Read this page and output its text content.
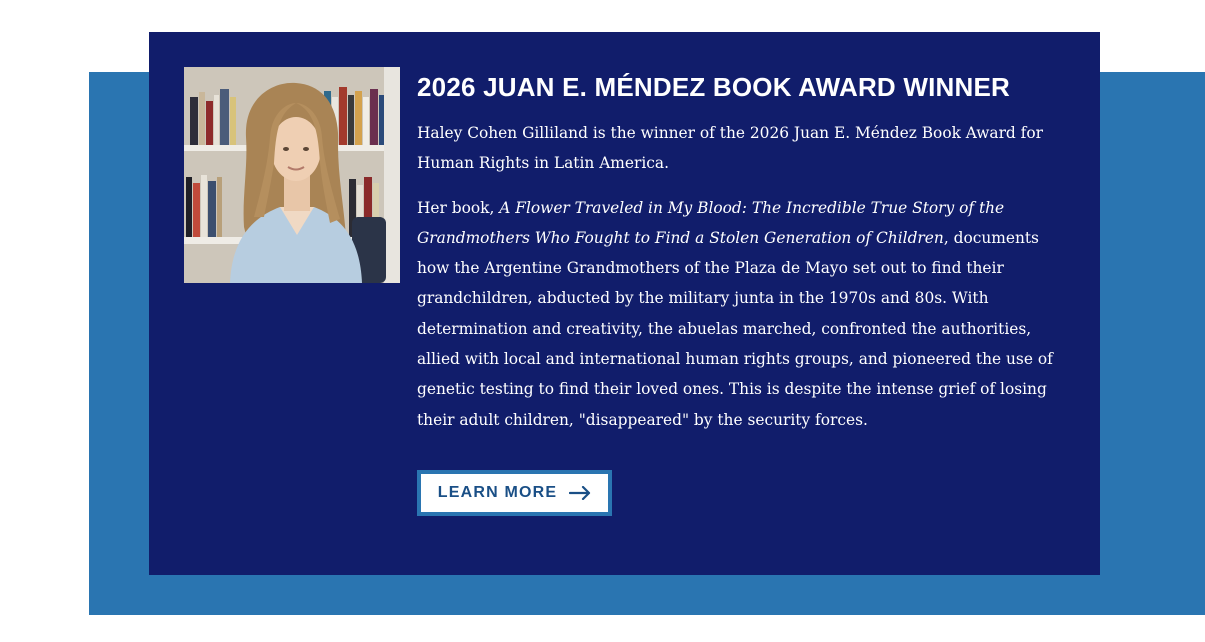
2026 JUAN E. MÉNDEZ BOOK AWARD WINNER

Haley Cohen Gilliland is the winner of the 2026 Juan E. Méndez Book Award for Human Rights in Latin America.

Her book, A Flower Traveled in My Blood: The Incredible True Story of the Grandmothers Who Fought to Find a Stolen Generation of Children, documents how the Argentine Grandmothers of the Plaza de Mayo set out to find their grandchildren, abducted by the military junta in the 1970s and 80s. With determination and creativity, the abuelas marched, confronted the authorities, allied with local and international human rights groups, and pioneered the use of genetic testing to find their loved ones. This is despite the intense grief of losing their adult children, "disappeared" by the security forces.

LEARN MORE
